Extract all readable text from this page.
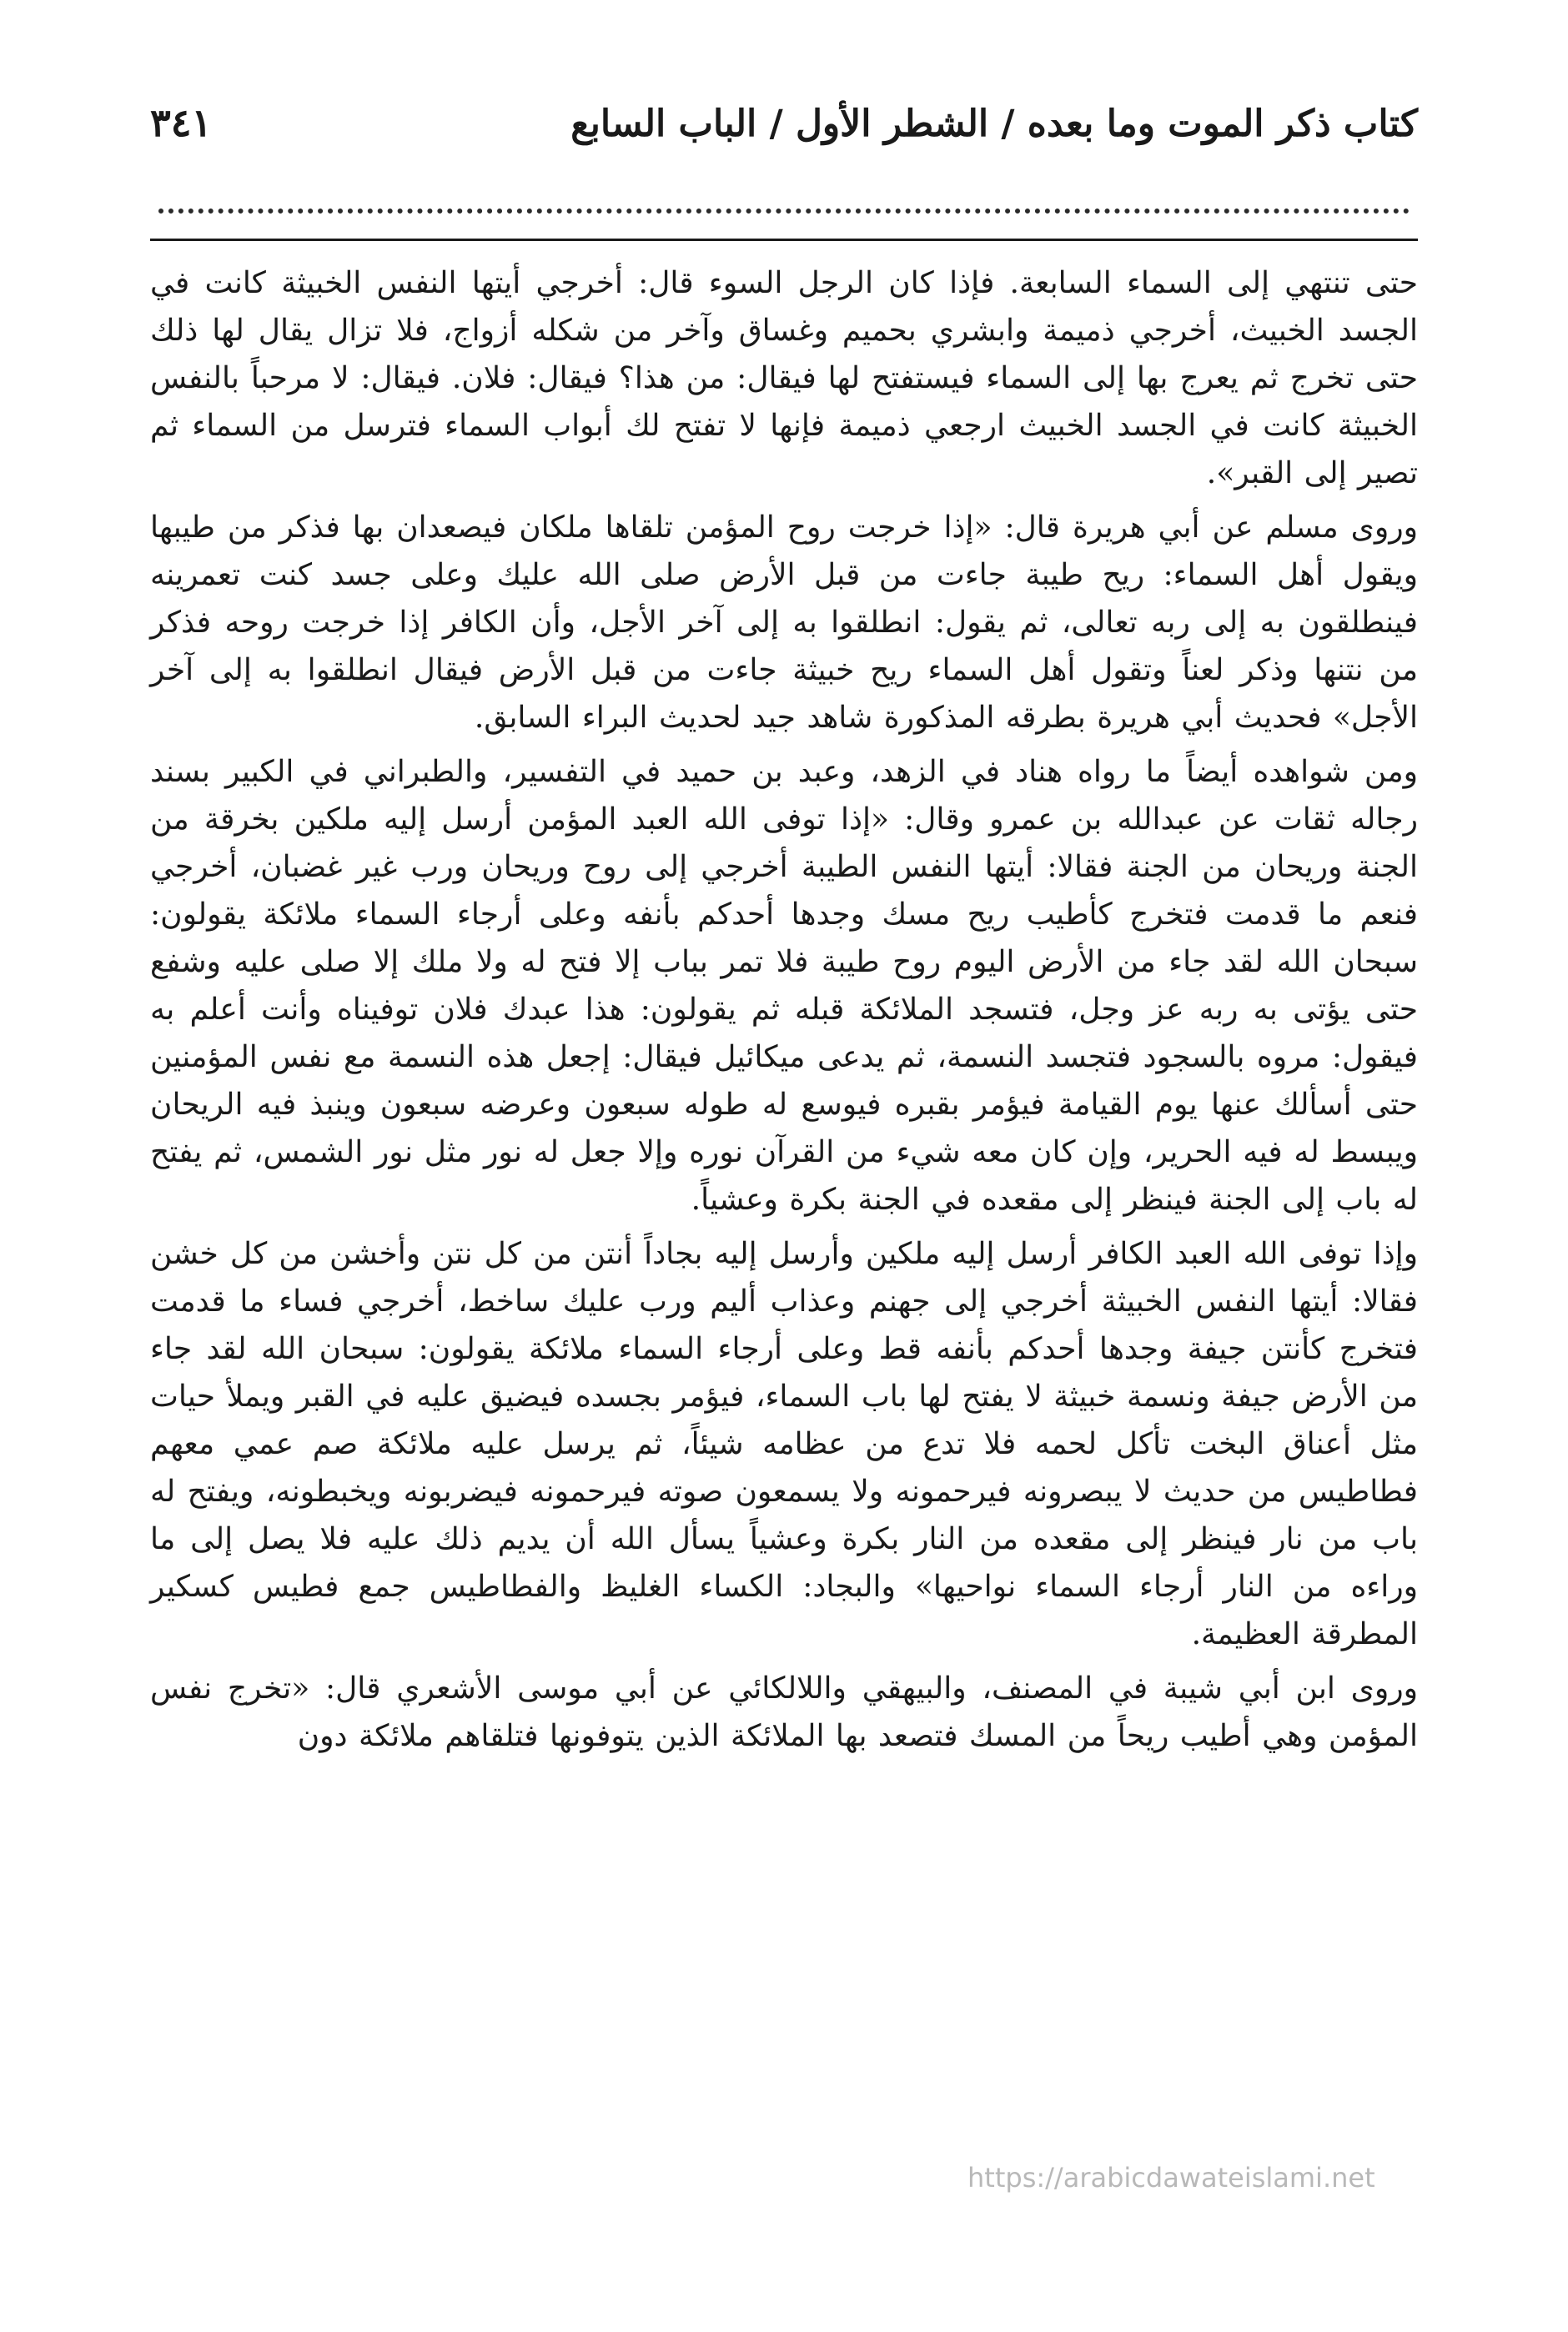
كتاب ذكر الموت وما بعده / الشطر الأول / الباب السابع
٣٤١

حتى تنتهي إلى السماء السابعة. فإذا كان الرجل السوء قال: أخرجي أيتها النفس الخبيثة كانت في الجسد الخبيث، أخرجي ذميمة وابشري بحميم وغساق وآخر من شكله أزواج، فلا تزال يقال لها ذلك حتى تخرج ثم يعرج بها إلى السماء فيستفتح لها فيقال: من هذا؟ فيقال: فلان. فيقال: لا مرحباً بالنفس الخبيثة كانت في الجسد الخبيث ارجعي ذميمة فإنها لا تفتح لك أبواب السماء فترسل من السماء ثم تصير إلى القبر».

وروى مسلم عن أبي هريرة قال: «إذا خرجت روح المؤمن تلقاها ملكان فيصعدان بها فذكر من طيبها ويقول أهل السماء: ريح طيبة جاءت من قبل الأرض صلى الله عليك وعلى جسد كنت تعمرينه فينطلقون به إلى ربه تعالى، ثم يقول: انطلقوا به إلى آخر الأجل، وأن الكافر إذا خرجت روحه فذكر من نتنها وذكر لعناً وتقول أهل السماء ريح خبيثة جاءت من قبل الأرض فيقال انطلقوا به إلى آخر الأجل» فحديث أبي هريرة بطرقه المذكورة شاهد جيد لحديث البراء السابق.

ومن شواهده أيضاً ما رواه هناد في الزهد، وعبد بن حميد في التفسير، والطبراني في الكبير بسند رجاله ثقات عن عبدالله بن عمرو وقال: «إذا توفى الله العبد المؤمن أرسل إليه ملكين بخرقة من الجنة وريحان من الجنة فقالا: أيتها النفس الطيبة أخرجي إلى روح وريحان ورب غير غضبان، أخرجي فنعم ما قدمت فتخرج كأطيب ريح مسك وجدها أحدكم بأنفه وعلى أرجاء السماء ملائكة يقولون: سبحان الله لقد جاء من الأرض اليوم روح طيبة فلا تمر بباب إلا فتح له ولا ملك إلا صلى عليه وشفع حتى يؤتى به ربه عز وجل، فتسجد الملائكة قبله ثم يقولون: هذا عبدك فلان توفيناه وأنت أعلم به فيقول: مروه بالسجود فتجسد النسمة، ثم يدعى ميكائيل فيقال: إجعل هذه النسمة مع نفس المؤمنين حتى أسألك عنها يوم القيامة فيؤمر بقبره فيوسع له طوله سبعون وعرضه سبعون وينبذ فيه الريحان ويبسط له فيه الحرير، وإن كان معه شيء من القرآن نوره وإلا جعل له نور مثل نور الشمس، ثم يفتح له باب إلى الجنة فينظر إلى مقعده في الجنة بكرة وعشياً.

وإذا توفى الله العبد الكافر أرسل إليه ملكين وأرسل إليه بجاداً أنتن من كل نتن وأخشن من كل خشن فقالا: أيتها النفس الخبيثة أخرجي إلى جهنم وعذاب أليم ورب عليك ساخط، أخرجي فساء ما قدمت فتخرج كأنتن جيفة وجدها أحدكم بأنفه قط وعلى أرجاء السماء ملائكة يقولون: سبحان الله لقد جاء من الأرض جيفة ونسمة خبيثة لا يفتح لها باب السماء، فيؤمر بجسده فيضيق عليه في القبر ويملأ حيات مثل أعناق البخت تأكل لحمه فلا تدع من عظامه شيئاً، ثم يرسل عليه ملائكة صم عمي معهم فطاطيس من حديث لا يبصرونه فيرحمونه ولا يسمعون صوته فيرحمونه فيضربونه ويخبطونه، ويفتح له باب من نار فينظر إلى مقعده من النار بكرة وعشياً يسأل الله أن يديم ذلك عليه فلا يصل إلى ما وراءه من النار أرجاء السماء نواحيها» والبجاد: الكساء الغليظ والفطاطيس جمع فطيس كسكير المطرقة العظيمة.

وروى ابن أبي شيبة في المصنف، والبيهقي واللالكائي عن أبي موسى الأشعري قال: «تخرج نفس المؤمن وهي أطيب ريحاً من المسك فتصعد بها الملائكة الذين يتوفونها فتلقاهم ملائكة دون

https://arabicdawateislami.net
